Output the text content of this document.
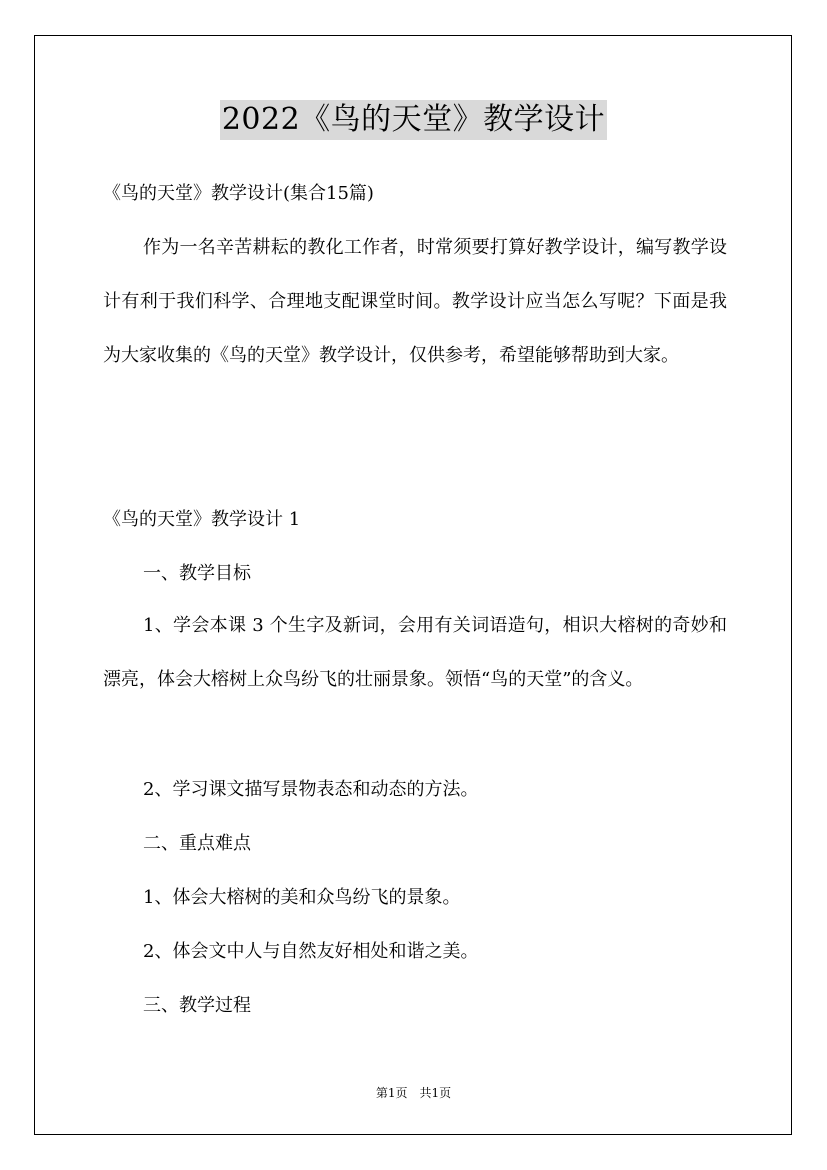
2022《鸟的天堂》教学设计
《鸟的天堂》教学设计(集合15篇)
作为一名辛苦耕耘的教化工作者，时常须要打算好教学设计，编写教学设计有利于我们科学、合理地支配课堂时间。教学设计应当怎么写呢？下面是我为大家收集的《鸟的天堂》教学设计，仅供参考，希望能够帮助到大家。
《鸟的天堂》教学设计 1
一、教学目标
1、学会本课 3 个生字及新词，会用有关词语造句，相识大榕树的奇妙和漂亮，体会大榕树上众鸟纷飞的壮丽景象。领悟“鸟的天堂”的含义。
2、学习课文描写景物表态和动态的方法。
二、重点难点
1、体会大榕树的美和众鸟纷飞的景象。
2、体会文中人与自然友好相处和谐之美。
三、教学过程
第1页　共1页
